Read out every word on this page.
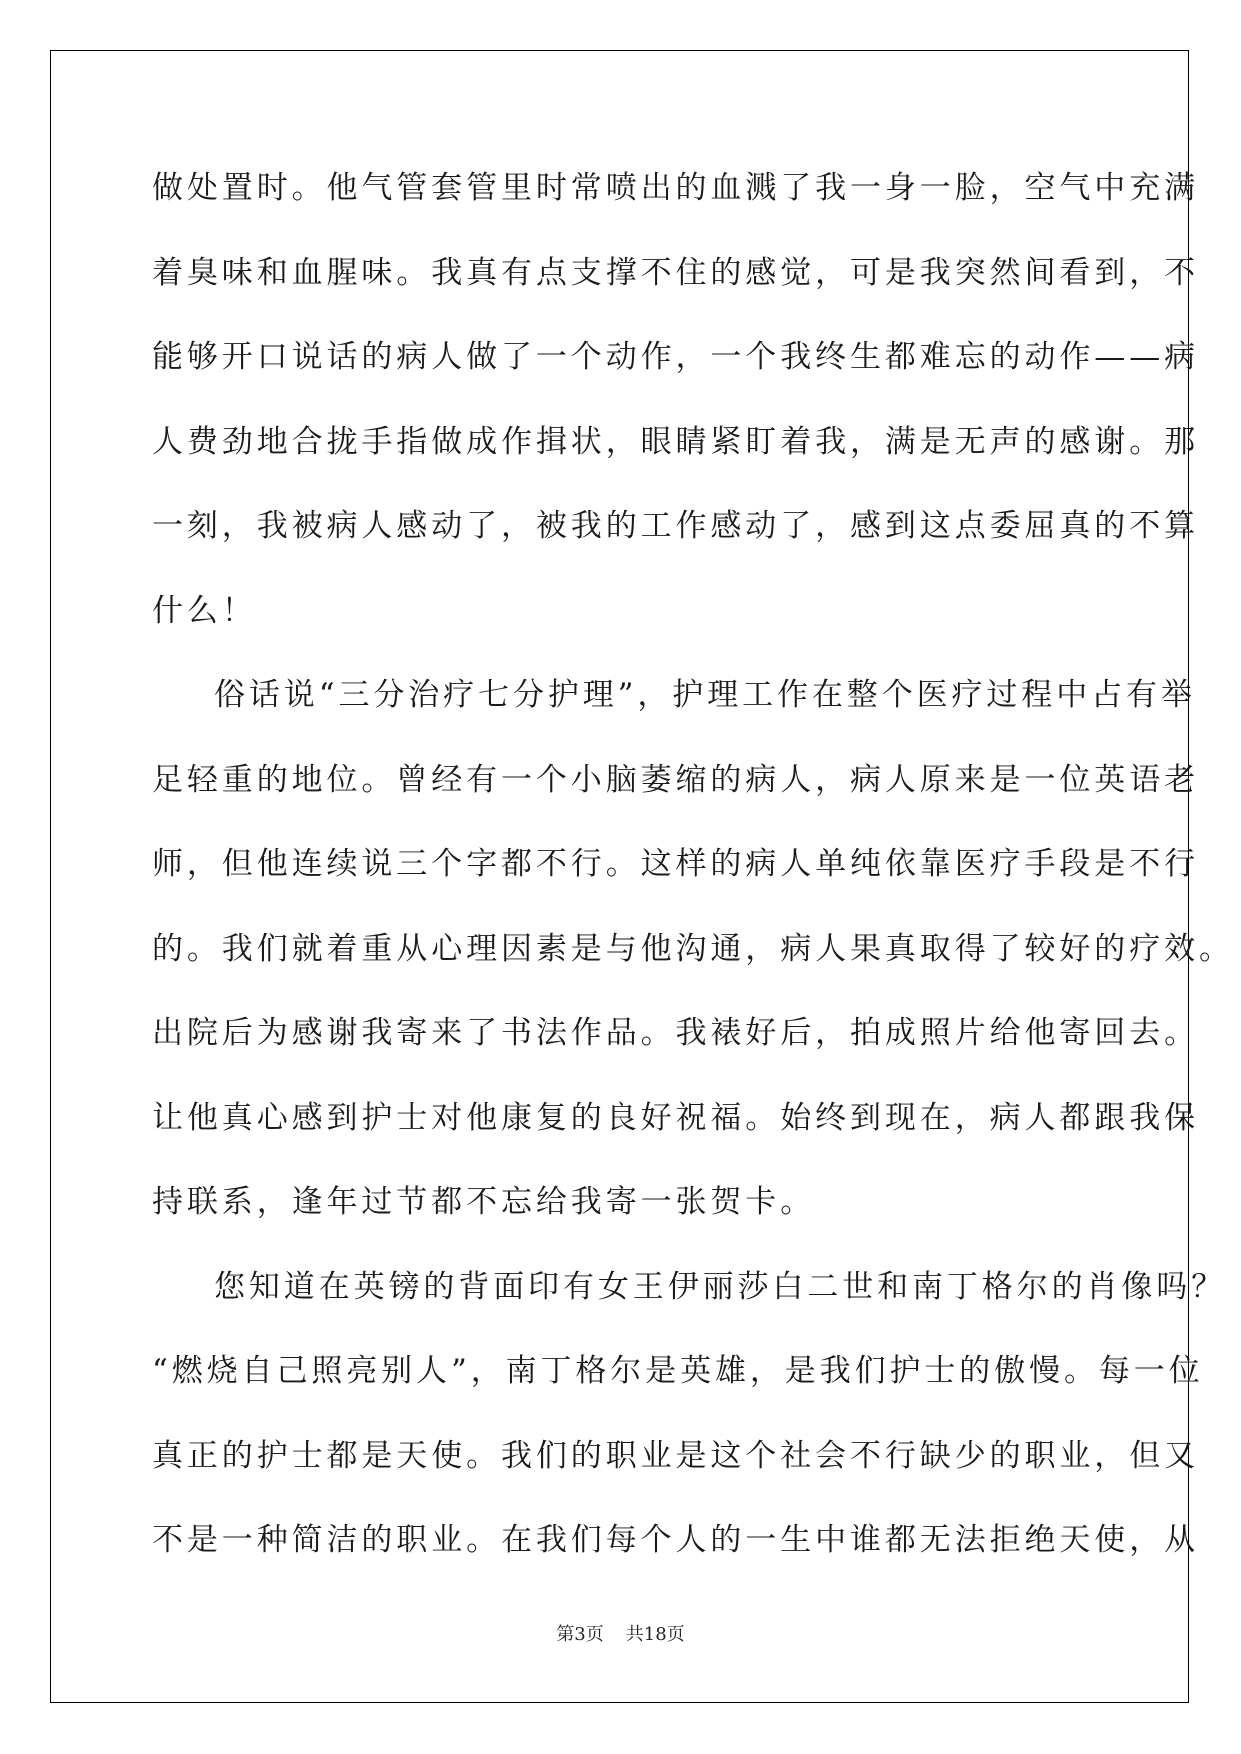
做处置时。他气管套管里时常喷出的血溅了我一身一脸，空气中充满
着臭味和血腥味。我真有点支撑不住的感觉，可是我突然间看到，不
能够开口说话的病人做了一个动作，一个我终生都难忘的动作——病
人费劲地合拢手指做成作揖状，眼睛紧盯着我，满是无声的感谢。那
一刻，我被病人感动了，被我的工作感动了，感到这点委屈真的不算
什么！

俗话说“三分治疗七分护理”，护理工作在整个医疗过程中占有举
足轻重的地位。曾经有一个小脑萎缩的病人，病人原来是一位英语老
师，但他连续说三个字都不行。这样的病人单纯依靠医疗手段是不行
的。我们就着重从心理因素是与他沟通，病人果真取得了较好的疗效。
出院后为感谢我寄来了书法作品。我裱好后，拍成照片给他寄回去。
让他真心感到护士对他康复的良好祝福。始终到现在，病人都跟我保
持联系，逢年过节都不忘给我寄一张贺卡。

您知道在英镑的背面印有女王伊丽莎白二世和南丁格尔的肖像吗？
“燃烧自己照亮别人”，南丁格尔是英雄，是我们护士的傲慢。每一位
真正的护士都是天使。我们的职业是这个社会不行缺少的职业，但又
不是一种简洁的职业。在我们每个人的一生中谁都无法拒绝天使，从

第3页 共18页
